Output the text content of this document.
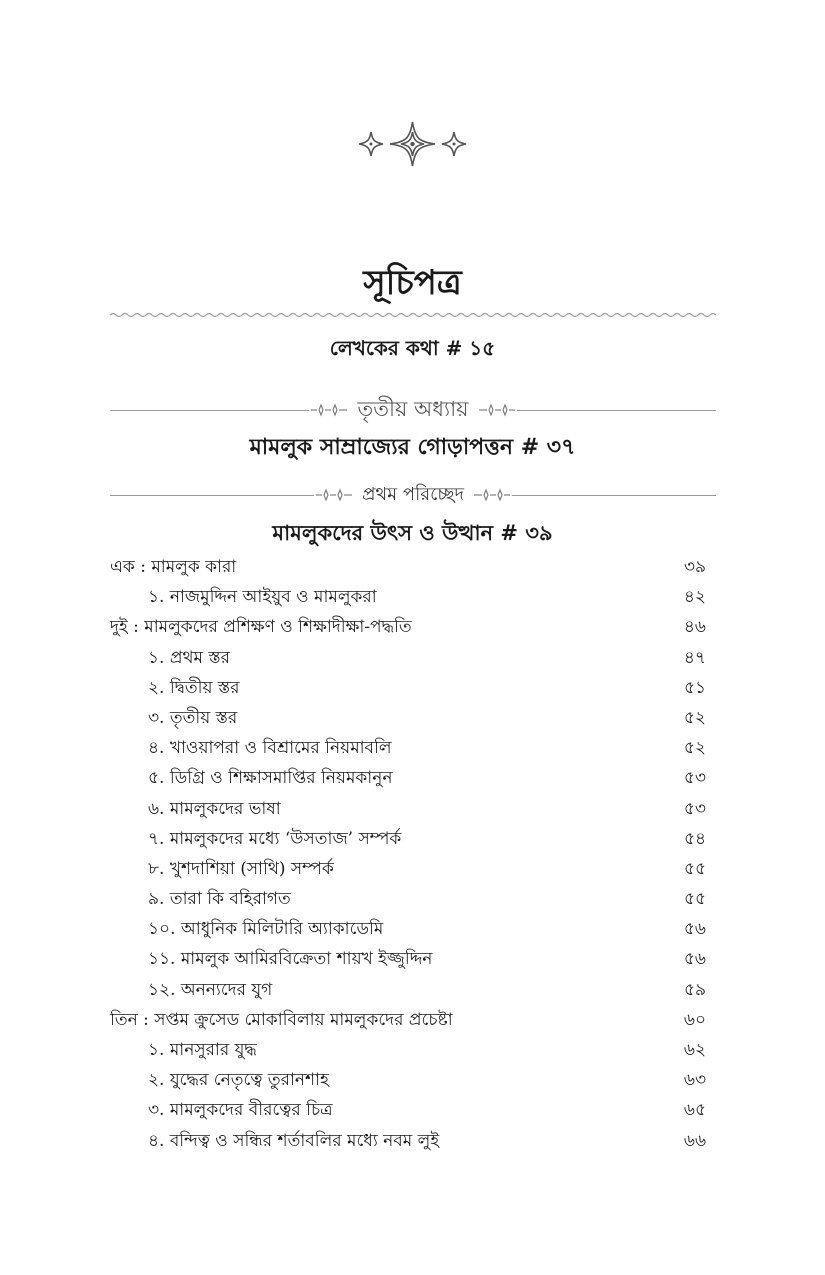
সূচিপত্র
লেখকের কথা # ১৫
তৃতীয় অধ্যায়
মামলুক সাম্রাজ্যের গোড়াপত্তন # ৩৭
প্রথম পরিচ্ছেদ
মামলুকদের উৎস ও উত্থান # ৩৯
এক : মামলুক কারা	৩৯
১. নাজমুদ্দিন আইয়ুব ও মামলুকরা	৪২
দুই : মামলুকদের প্রশিক্ষণ ও শিক্ষাদীক্ষা-পদ্ধতি	৪৬
১. প্রথম স্তর	৪৭
২. দ্বিতীয় স্তর	৫১
৩. তৃতীয় স্তর	৫২
৪. খাওয়াপরা ও বিশ্রামের নিয়মাবলি	৫২
৫. ডিগ্রি ও শিক্ষাসমাপ্তির নিয়মকানুন	৫৩
৬. মামলুকদের ভাষা	৫৩
৭. মামলুকদের মধ্যে ‘উসতাজ’ সম্পর্ক	৫৪
৮. খুশদাশিয়া (সাথি) সম্পর্ক	৫৫
৯. তারা কি বহিরাগত	৫৫
১০. আধুনিক মিলিটারি অ্যাকাডেমি	৫৬
১১. মামলুক আমিরবিক্রেতা শায়খ ইজ্জুদ্দিন	৫৬
১২. অনন্যদের যুগ	৫৯
তিন : সপ্তম ক্রুসেড মোকাবিলায় মামলুকদের প্রচেষ্টা	৬০
১. মানসুরার যুদ্ধ	৬২
২. যুদ্ধের নেতৃত্বে তুরানশাহ	৬৩
৩. মামলুকদের বীরত্বের চিত্র	৬৫
৪. বন্দিত্ব ও সন্ধির শর্তাবলির মধ্যে নবম লুই	৬৬
